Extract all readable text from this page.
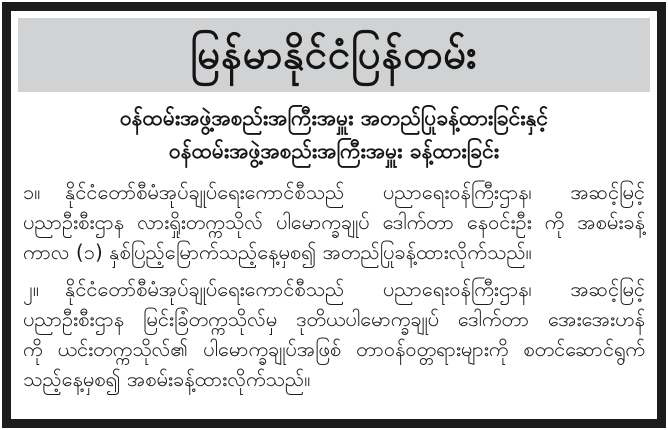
မြန်မာနိုင်ငံပြန်တမ်း
ဝန်ထမ်းအဖွဲ့အစည်းအကြီးအမှူး အတည်ပြုခန့်ထားခြင်းနှင့်
ဝန်ထမ်းအဖွဲ့အစည်းအကြီးအမှူး ခန့်ထားခြင်း
၁။ နိုင်ငံတော်စီမံအုပ်ချုပ်ရေးကောင်စီသည် ပညာရေးဝန်ကြီးဌာန၊ အဆင့်မြင့်
ပညာဦးစီးဌာန လားရှိုးတက္ကသိုလ် ပါမောက္ခချုပ် ဒေါက်တာ နေဝင်းဦး ကို အစမ်းခန့်
ကာလ (၁) နှစ်ပြည့်မြောက်သည့်နေ့မှစ၍ အတည်ပြုခန့်ထားလိုက်သည်။
၂။ နိုင်ငံတော်စီမံအုပ်ချုပ်ရေးကောင်စီသည် ပညာရေးဝန်ကြီးဌာန၊ အဆင့်မြင့်
ပညာဦးစီးဌာန မြင်းခြံတက္ကသိုလ်မှ ဒုတိယပါမောက္ခချုပ် ဒေါက်တာ အေးအေးဟန်
ကို ယင်းတက္ကသိုလ်၏ ပါမောက္ခချုပ်အဖြစ် တာဝန်ဝတ္တရားများကို စတင်ဆောင်ရွက်
သည့်နေ့မှစ၍ အစမ်းခန့်ထားလိုက်သည်။
